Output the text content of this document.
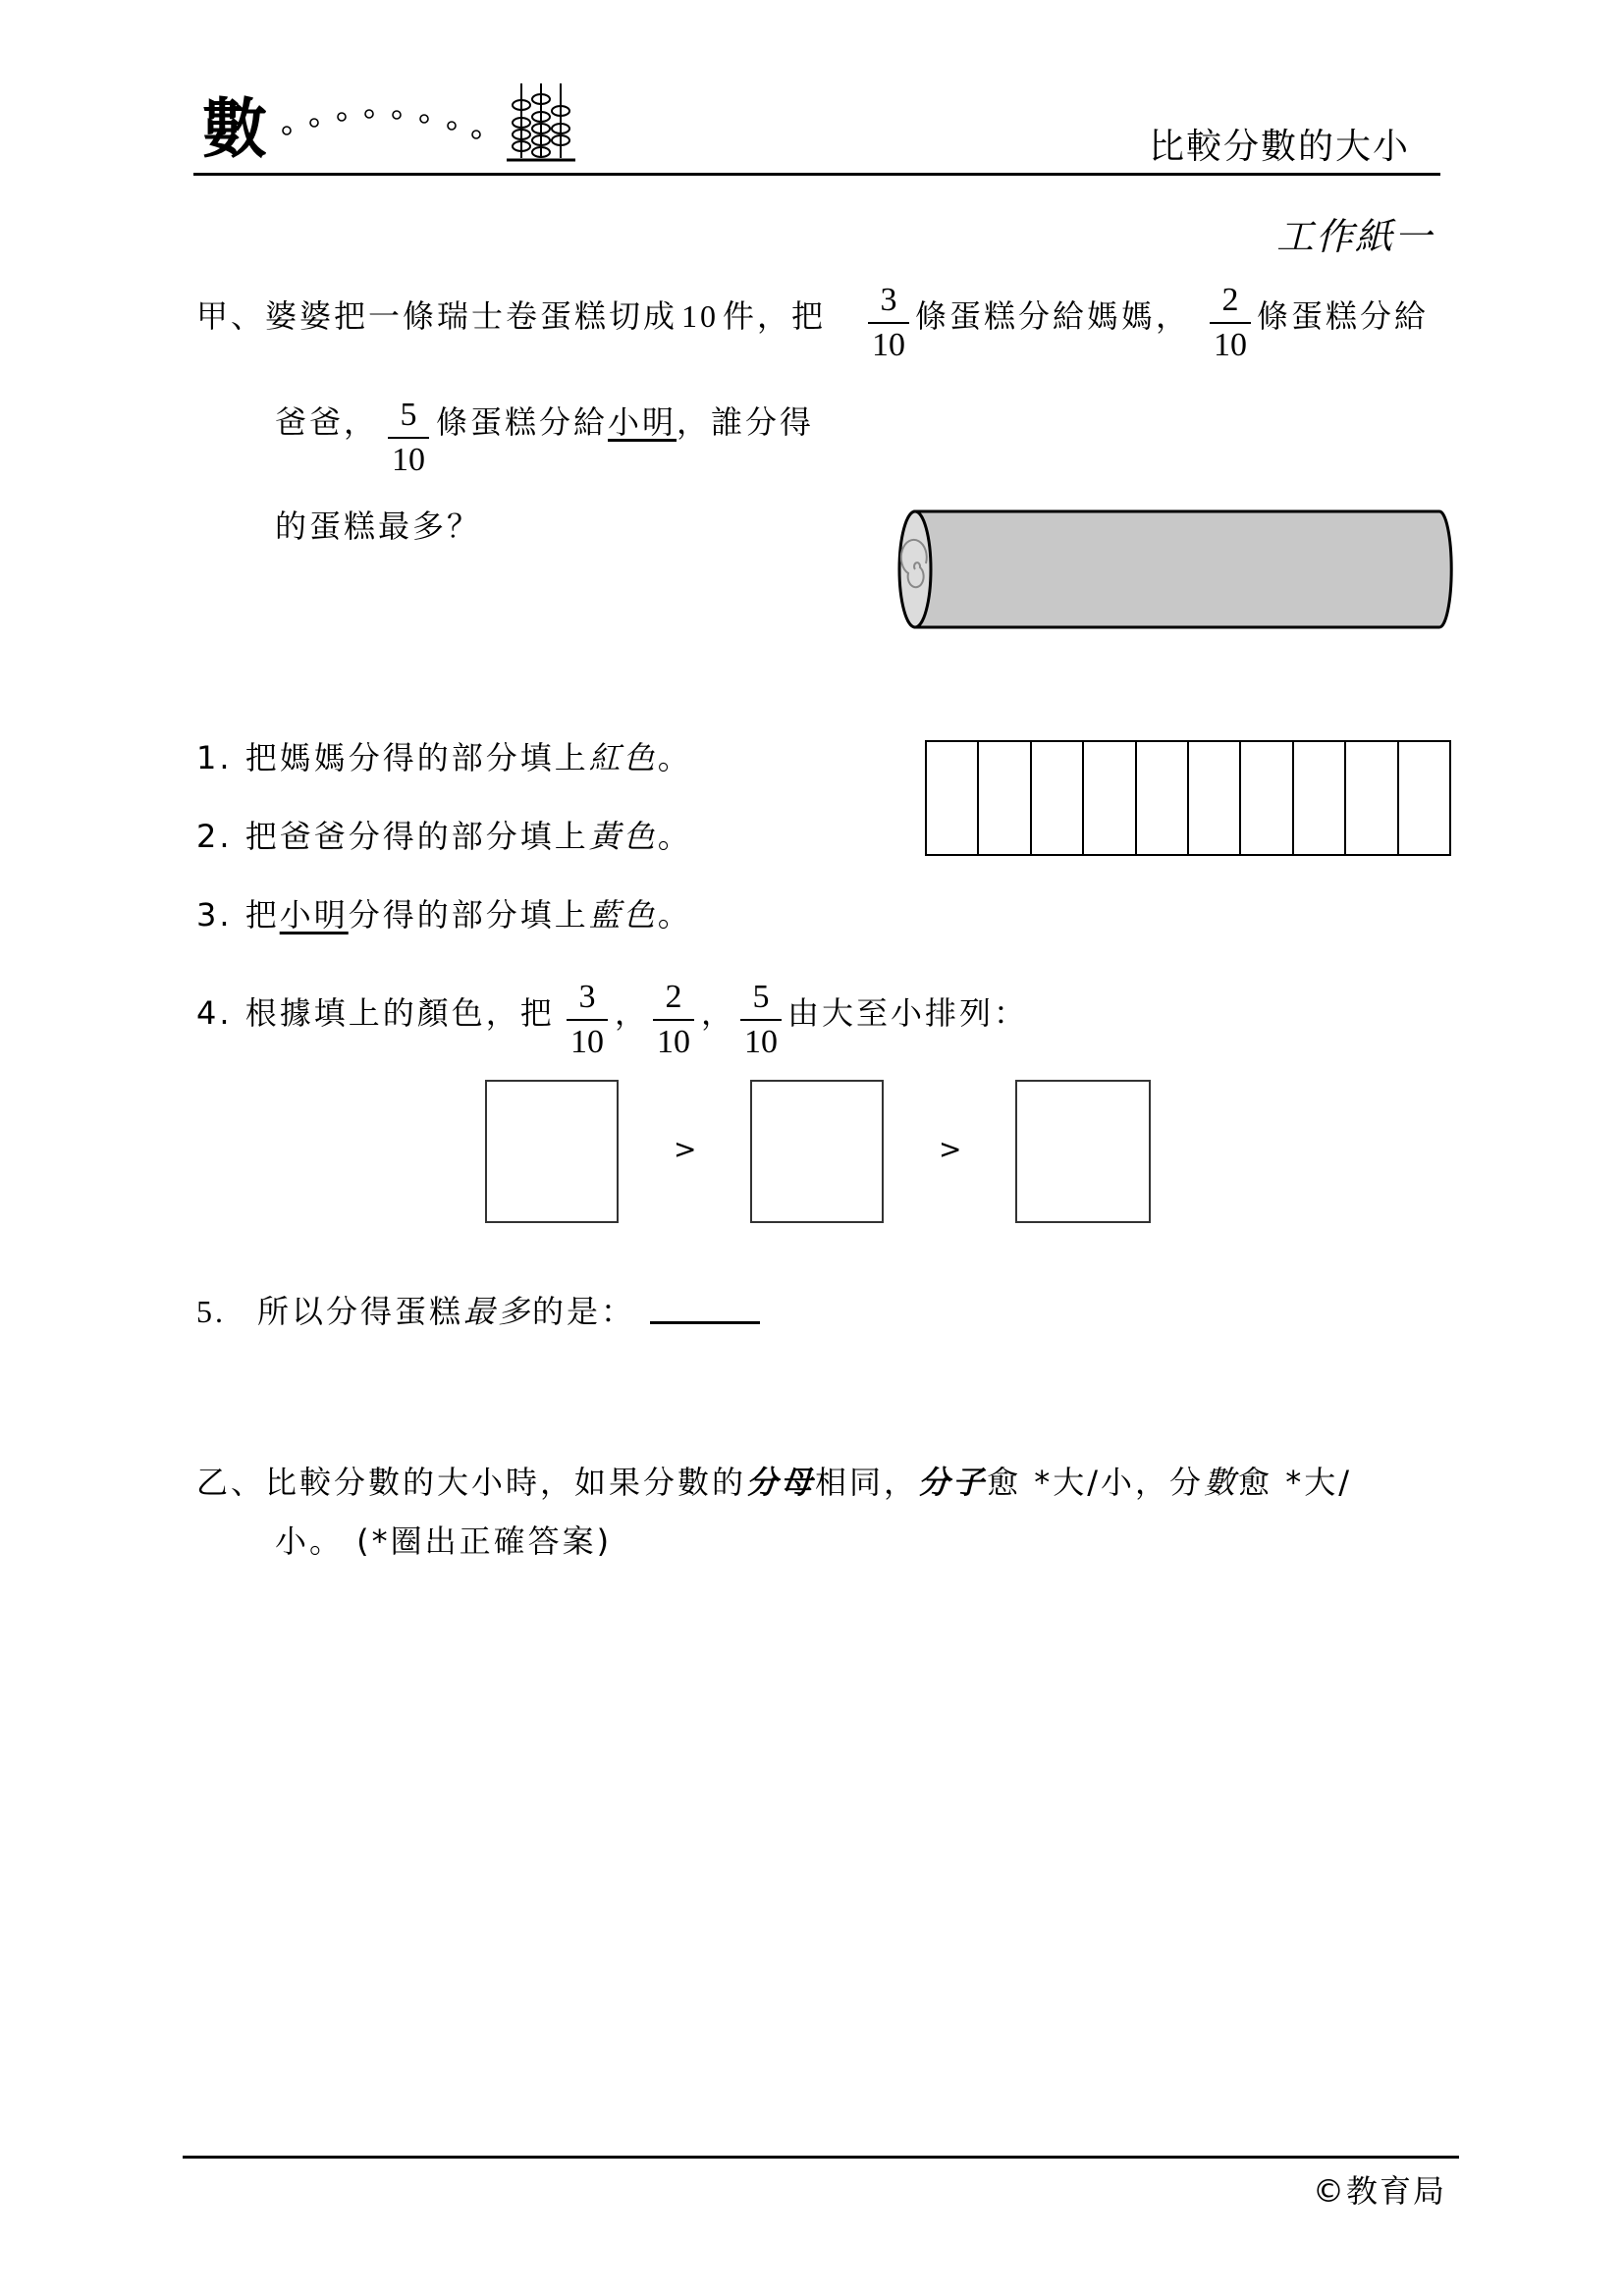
數	比較分數的大小
工作紙一
甲、婆婆把一條瑞士卷蛋糕切成 10 件，把	3
10
條蛋糕分給媽媽， 2
10
條蛋糕分給
爸爸， 5
10
條蛋糕分給小明，誰分得
的蛋糕最多？
1. 把媽媽分得的部分填上紅色。
2. 把爸爸分得的部分填上黃色。
3. 把小明分得的部分填上藍色。
4. 根據填上的顏色，把 3
10
， 2
10
， 5
10
由大至小排列：
>	>
5. 所以分得蛋糕最多的是：
乙、比較分數的大小時，如果分數的分母相同，分子愈 *大/小，分數愈 *大/
小。 (*圈出正確答案)
©教育局
